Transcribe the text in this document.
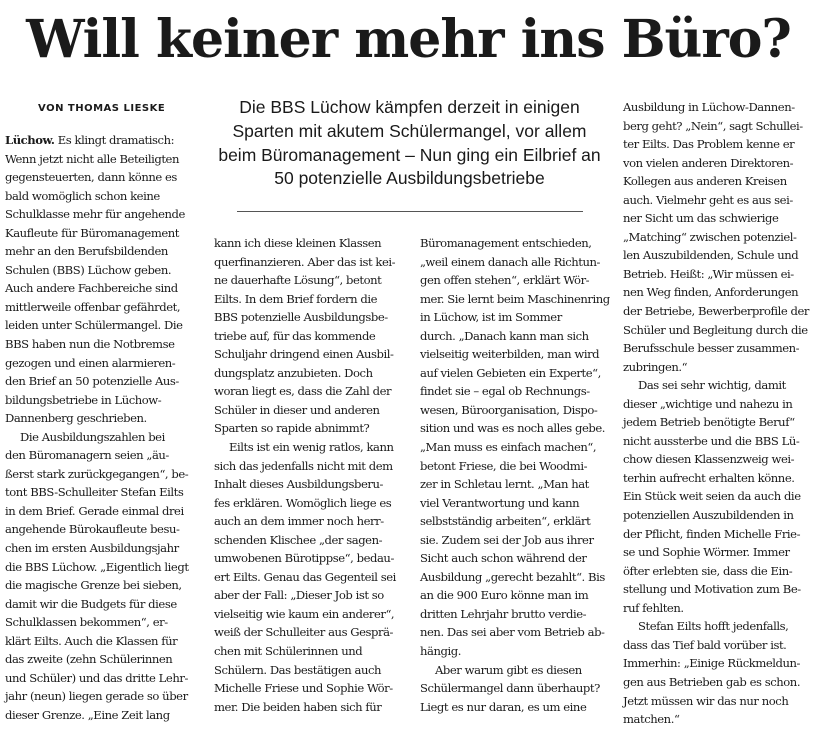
Will keiner mehr ins Büro?
VON THOMAS LIESKE	Die BBS Lüchow kämpfen derzeit in einigen Sparten mit akutem Schülermangel, vor allem beim Büromanagement – Nun ging ein Eilbrief an 50 potenzielle Ausbildungsbetriebe

Lüchow. Es klingt dramatisch:

Wenn jetzt nicht alle Beteiligten

gegensteuerten, dann könne es

bald womöglich schon keine

Schulklasse mehr für angehende

Kaufleute für Büromanagement

mehr an den Berufsbildenden

Schulen (BBS) Lüchow geben.

Auch andere Fachbereiche sind

mittlerweile offenbar gefährdet,

leiden unter Schülermangel. Die

BBS haben nun die Notbremse

gezogen und einen alarmieren-

den Brief an 50 potenzielle Aus-

bildungsbetriebe in Lüchow-

Dannenberg geschrieben.

Die Ausbildungszahlen bei

den Büromanagern seien „äu-

ßerst stark zurückgegangen“, be-

tont BBS-Schulleiter Stefan Eilts

in dem Brief. Gerade einmal drei

angehende Bürokaufleute besu-

chen im ersten Ausbildungsjahr

die BBS Lüchow. „Eigentlich liegt

die magische Grenze bei sieben,

damit wir die Budgets für diese

Schulklassen bekommen“, er-

klärt Eilts. Auch die Klassen für

das zweite (zehn Schülerinnen

und Schüler) und das dritte Lehr-

jahr (neun) liegen gerade so über

dieser Grenze. „Eine Zeit lang

kann ich diese kleinen Klassen

querfinanzieren. Aber das ist kei-

ne dauerhafte Lösung“, betont

Eilts. In dem Brief fordern die

BBS potenzielle Ausbildungsbe-

triebe auf, für das kommende

Schuljahr dringend einen Ausbil-

dungsplatz anzubieten. Doch

woran liegt es, dass die Zahl der

Schüler in dieser und anderen

Sparten so rapide abnimmt?

Eilts ist ein wenig ratlos, kann

sich das jedenfalls nicht mit dem

Inhalt dieses Ausbildungsberu-

fes erklären. Womöglich liege es

auch an dem immer noch herr-

schenden Klischee „der sagen-

umwobenen Bürotippse“, bedau-

ert Eilts. Genau das Gegenteil sei

aber der Fall: „Dieser Job ist so

vielseitig wie kaum ein anderer“,

weiß der Schulleiter aus Gesprä-

chen mit Schülerinnen und

Schülern. Das bestätigen auch

Michelle Friese und Sophie Wör-

mer. Die beiden haben sich für

Büromanagement entschieden,

„weil einem danach alle Richtun-

gen offen stehen“, erklärt Wör-

mer. Sie lernt beim Maschinenring

in Lüchow, ist im Sommer

durch. „Danach kann man sich

vielseitig weiterbilden, man wird

auf vielen Gebieten ein Experte“,

findet sie – egal ob Rechnungs-

wesen, Büroorganisation, Dispo-

sition und was es noch alles gebe.

„Man muss es einfach machen“,

betont Friese, die bei Woodmi-

zer in Schletau lernt. „Man hat

viel Verantwortung und kann

selbstständig arbeiten“, erklärt

sie. Zudem sei der Job aus ihrer

Sicht auch schon während der

Ausbildung „gerecht bezahlt“. Bis

an die 900 Euro könne man im

dritten Lehrjahr brutto verdie-

nen. Das sei aber vom Betrieb ab-

hängig.

Aber warum gibt es diesen

Schülermangel dann überhaupt?

Liegt es nur daran, es um eine

Ausbildung in Lüchow-Dannen-

berg geht? „Nein“, sagt Schullei-

ter Eilts. Das Problem kenne er

von vielen anderen Direktoren-

Kollegen aus anderen Kreisen

auch. Vielmehr geht es aus sei-

ner Sicht um das schwierige

„Matching“ zwischen potenziel-

len Auszubildenden, Schule und

Betrieb. Heißt: „Wir müssen ei-

nen Weg finden, Anforderungen

der Betriebe, Bewerberprofile der

Schüler und Begleitung durch die

Berufsschule besser zusammen-

zubringen.“

Das sei sehr wichtig, damit

dieser „wichtige und nahezu in

jedem Betrieb benötigte Beruf“

nicht aussterbe und die BBS Lü-

chow diesen Klassenzweig wei-

terhin aufrecht erhalten könne.

Ein Stück weit seien da auch die

potenziellen Auszubildenden in

der Pflicht, finden Michelle Frie-

se und Sophie Wörmer. Immer

öfter erlebten sie, dass die Ein-

stellung und Motivation zum Be-

ruf fehlten.

Stefan Eilts hofft jedenfalls,

dass das Tief bald vorüber ist.

Immerhin: „Einige Rückmeldun-

gen aus Betrieben gab es schon.

Jetzt müssen wir das nur noch

matchen.“
